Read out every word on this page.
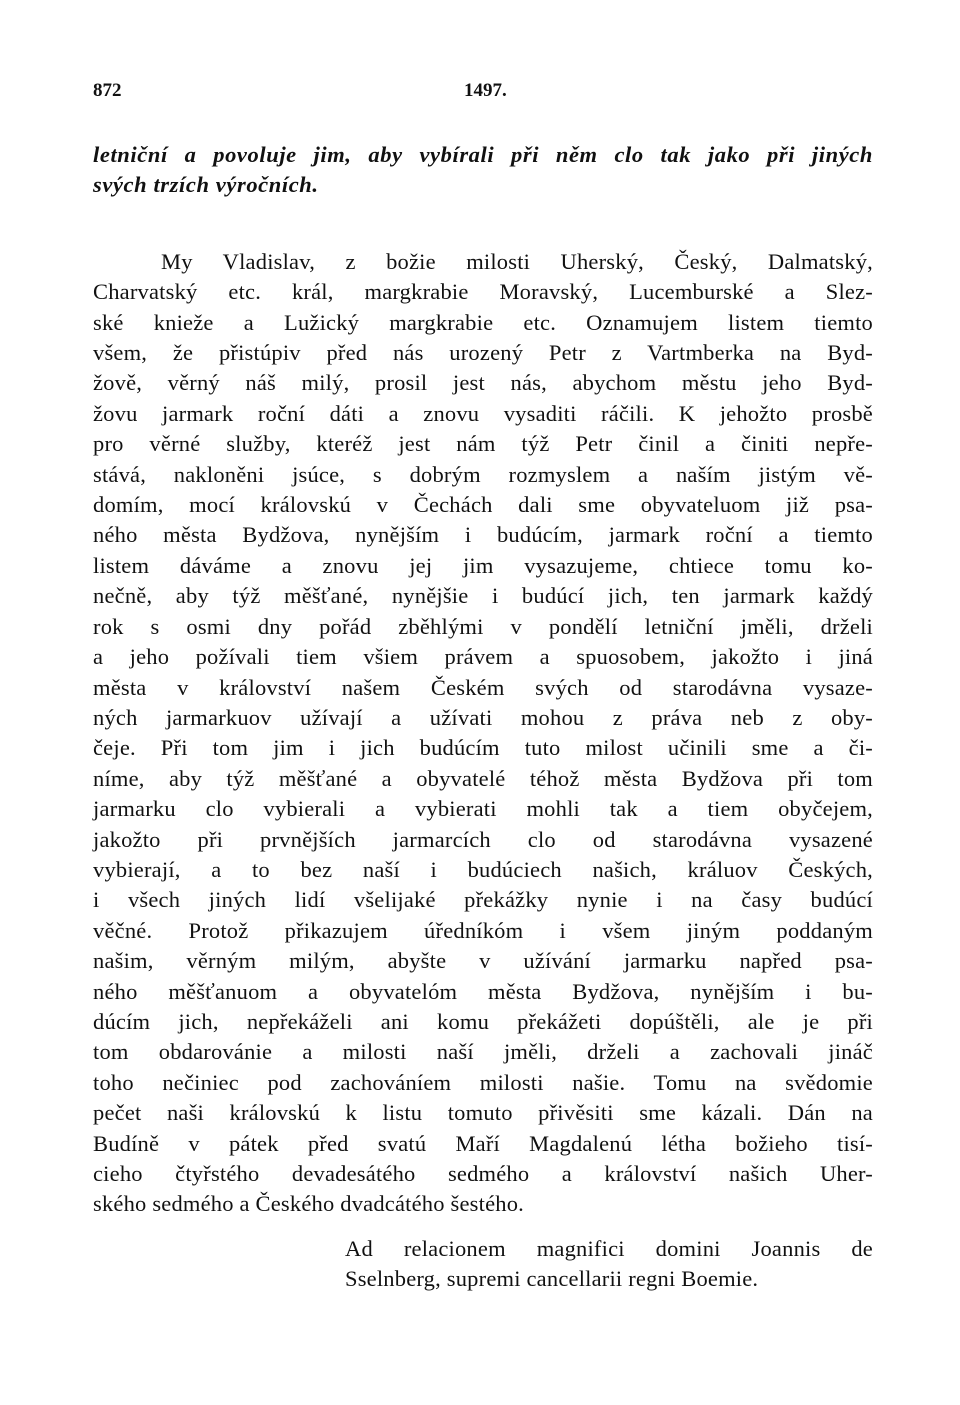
872	1497.
letniční a povoluje jim, aby vybírali při něm clo tak jako při jiných
svých trzích výročních.
My Vladislav, z božie milosti Uherský, Český, Dalmatský,
Charvatský etc. král, margkrabie Moravský, Lucemburské a Slez-
ské knieže a Lužický margkrabie etc. Oznamujem listem tiemto
všem, že přistúpiv před nás urozený Petr z Vartmberka na Byd-
žově, věrný náš milý, prosil jest nás, abychom městu jeho Byd-
žovu jarmark roční dáti a znovu vysaditi ráčili. K jehožto prosbě
pro věrné služby, kteréž jest nám týž Petr činil a činiti nepře-
stává, nakloněni jsúce, s dobrým rozmyslem a naším jistým vě-
domím, mocí královskú v Čechách dali sme obyvateluom již psa-
ného města Bydžova, nynějším i budúcím, jarmark roční a tiemto
listem dáváme a znovu jej jim vysazujeme, chtiece tomu ko-
nečně, aby týž měšťané, nynějšie i budúcí jich, ten jarmark každý
rok s osmi dny pořád zběhlými v pondělí letniční jměli, drželi
a jeho požívali tiem všiem právem a spuosobem, jakožto i jiná
města v království našem Českém svých od starodávna vysaze-
ných jarmarkuov užívají a užívati mohou z práva neb z oby-
čeje. Při tom jim i jich budúcím tuto milost učinili sme a či-
níme, aby týž měšťané a obyvatelé téhož města Bydžova při tom
jarmarku clo vybierali a vybierati mohli tak a tiem obyčejem,
jakožto při prvnějších jarmarcích clo od starodávna vysazené
vybierají, a to bez naší i budúciech našich, králuov Českých,
i všech jiných lidí všelijaké překážky nynie i na časy budúcí
věčné. Protož přikazujem úředníkóm i všem jiným poddaným
našim, věrným milým, abyšte v užívání jarmarku napřed psa-
ného měšťanuom a obyvatelóm města Bydžova, nynějším i bu-
dúcím jich, nepřekáželi ani komu překážeti dopúštěli, ale je při
tom obdarovánie a milosti naší jměli, drželi a zachovali jináč
toho nečiniec pod zachováníem milosti našie. Tomu na svědomie
pečet naši královskú k listu tomuto přivěsiti sme kázali. Dán na
Budíně v pátek před svatú Maří Magdalenú létha božieho tisí-
cieho čtyřstého devadesátého sedmého a království našich Uher-
ského sedmého a Českého dvadcátého šestého.
Ad relacionem magnifici domini Joannis de
Sselnberg, supremi cancellarii regni Boemie.
